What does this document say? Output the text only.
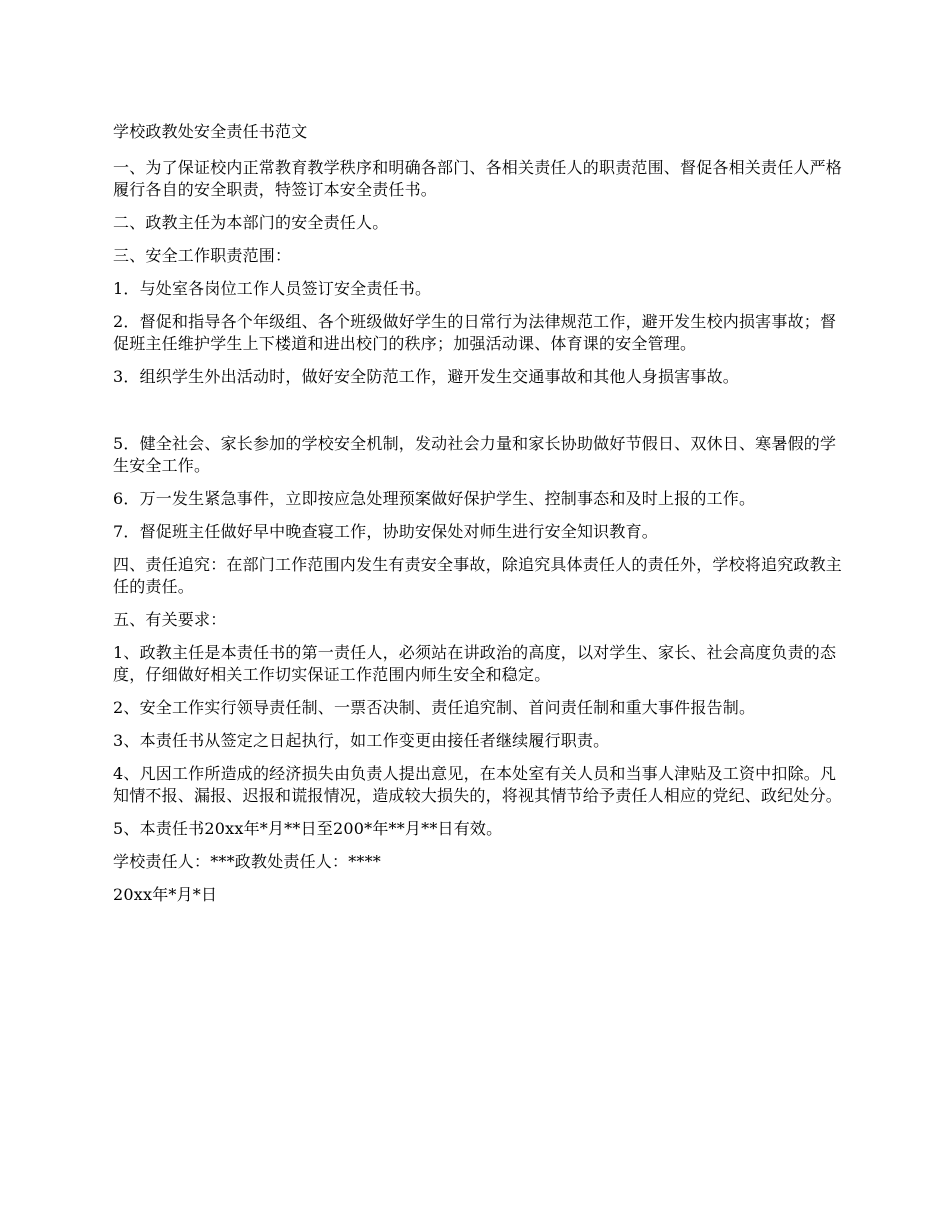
学校政教处安全责任书范文

一、为了保证校内正常教育教学秩序和明确各部门、各相关责任人的职责范围、督促各相关责任人严格履行各自的安全职责，特签订本安全责任书。

二、政教主任为本部门的安全责任人。

三、安全工作职责范围：

1．与处室各岗位工作人员签订安全责任书。

2．督促和指导各个年级组、各个班级做好学生的日常行为法律规范工作，避开发生校内损害事故；督促班主任维护学生上下楼道和进出校门的秩序；加强活动课、体育课的安全管理。

3．组织学生外出活动时，做好安全防范工作，避开发生交通事故和其他人身损害事故。

5．健全社会、家长参加的学校安全机制，发动社会力量和家长协助做好节假日、双休日、寒暑假的学生安全工作。

6．万一发生紧急事件，立即按应急处理预案做好保护学生、控制事态和及时上报的工作。

7．督促班主任做好早中晚查寝工作，协助安保处对师生进行安全知识教育。

四、责任追究：在部门工作范围内发生有责安全事故，除追究具体责任人的责任外，学校将追究政教主任的责任。

五、有关要求：

1、政教主任是本责任书的第一责任人，必须站在讲政治的高度，以对学生、家长、社会高度负责的态度，仔细做好相关工作切实保证工作范围内师生安全和稳定。

2、安全工作实行领导责任制、一票否决制、责任追究制、首问责任制和重大事件报告制。

3、本责任书从签定之日起执行，如工作变更由接任者继续履行职责。

4、凡因工作所造成的经济损失由负责人提出意见，在本处室有关人员和当事人津贴及工资中扣除。凡知情不报、漏报、迟报和谎报情况，造成较大损失的，将视其情节给予责任人相应的党纪、政纪处分。

5、本责任书20xx年*月**日至200*年**月**日有效。

学校责任人：***政教处责任人：****

20xx年*月*日
